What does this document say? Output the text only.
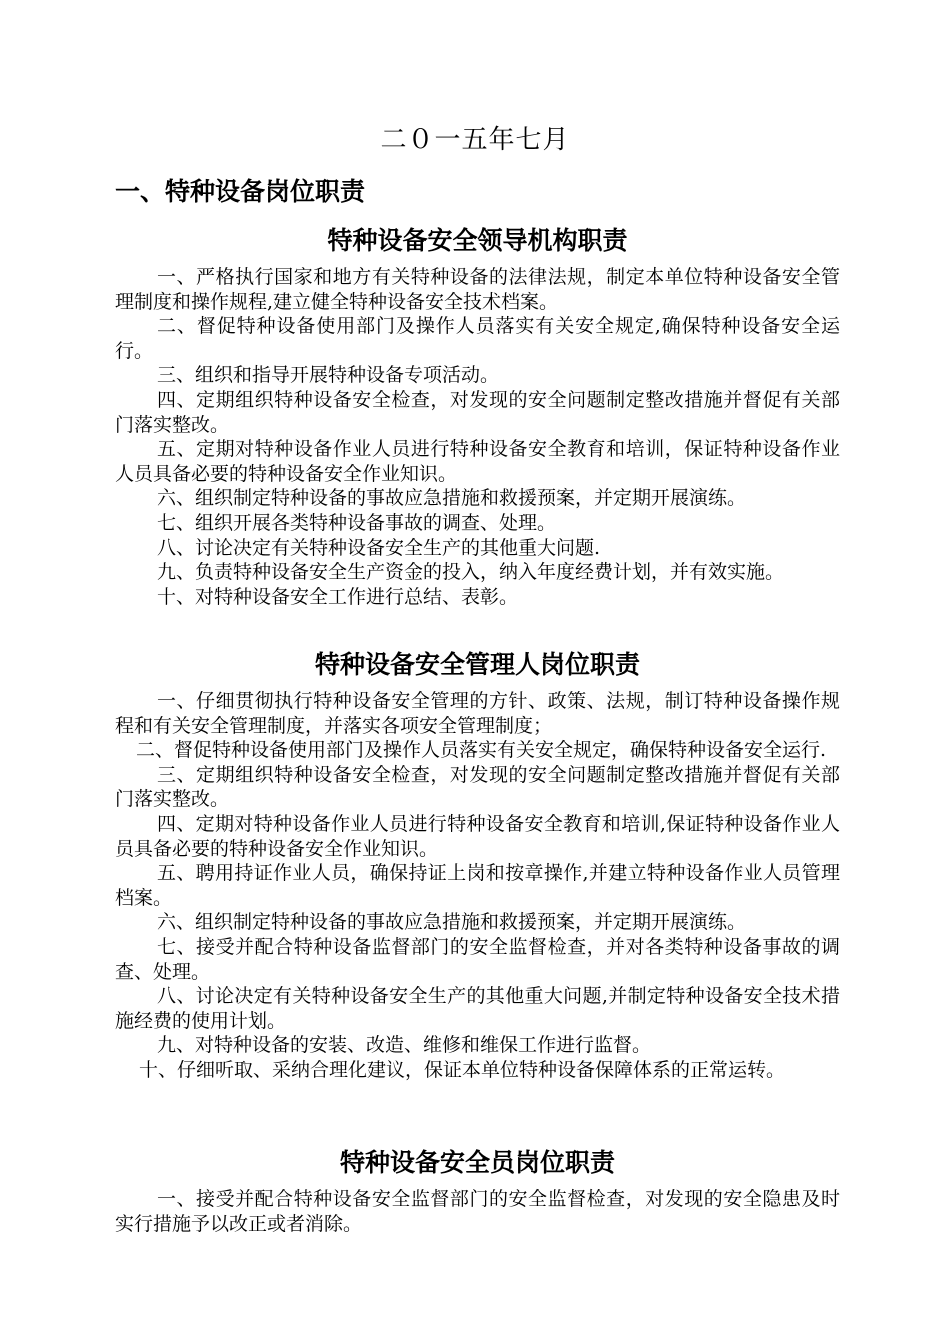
二０一五年七月
一、特种设备岗位职责
特种设备安全领导机构职责

一、严格执行国家和地方有关特种设备的法律法规，制定本单位特种设备安全管理制度和操作规程,建立健全特种设备安全技术档案。

二、督促特种设备使用部门及操作人员落实有关安全规定,确保特种设备安全运行。

三、组织和指导开展特种设备专项活动。

四、定期组织特种设备安全检查，对发现的安全问题制定整改措施并督促有关部门落实整改。

五、定期对特种设备作业人员进行特种设备安全教育和培训，保证特种设备作业人员具备必要的特种设备安全作业知识。

六、组织制定特种设备的事故应急措施和救援预案，并定期开展演练。

七、组织开展各类特种设备事故的调查、处理。

八、讨论决定有关特种设备安全生产的其他重大问题.

九、负责特种设备安全生产资金的投入，纳入年度经费计划，并有效实施。

十、对特种设备安全工作进行总结、表彰。

特种设备安全管理人岗位职责

一、仔细贯彻执行特种设备安全管理的方针、政策、法规，制订特种设备操作规程和有关安全管理制度，并落实各项安全管理制度；

二、督促特种设备使用部门及操作人员落实有关安全规定，确保特种设备安全运行.

三、定期组织特种设备安全检查，对发现的安全问题制定整改措施并督促有关部门落实整改。

四、定期对特种设备作业人员进行特种设备安全教育和培训,保证特种设备作业人员具备必要的特种设备安全作业知识。

五、聘用持证作业人员，确保持证上岗和按章操作,并建立特种设备作业人员管理档案。

六、组织制定特种设备的事故应急措施和救援预案，并定期开展演练。

七、接受并配合特种设备监督部门的安全监督检查，并对各类特种设备事故的调查、处理。

八、讨论决定有关特种设备安全生产的其他重大问题,并制定特种设备安全技术措施经费的使用计划。

九、对特种设备的安装、改造、维修和维保工作进行监督。

十、仔细听取、采纳合理化建议，保证本单位特种设备保障体系的正常运转。

特种设备安全员岗位职责

一、接受并配合特种设备安全监督部门的安全监督检查，对发现的安全隐患及时实行措施予以改正或者消除。
